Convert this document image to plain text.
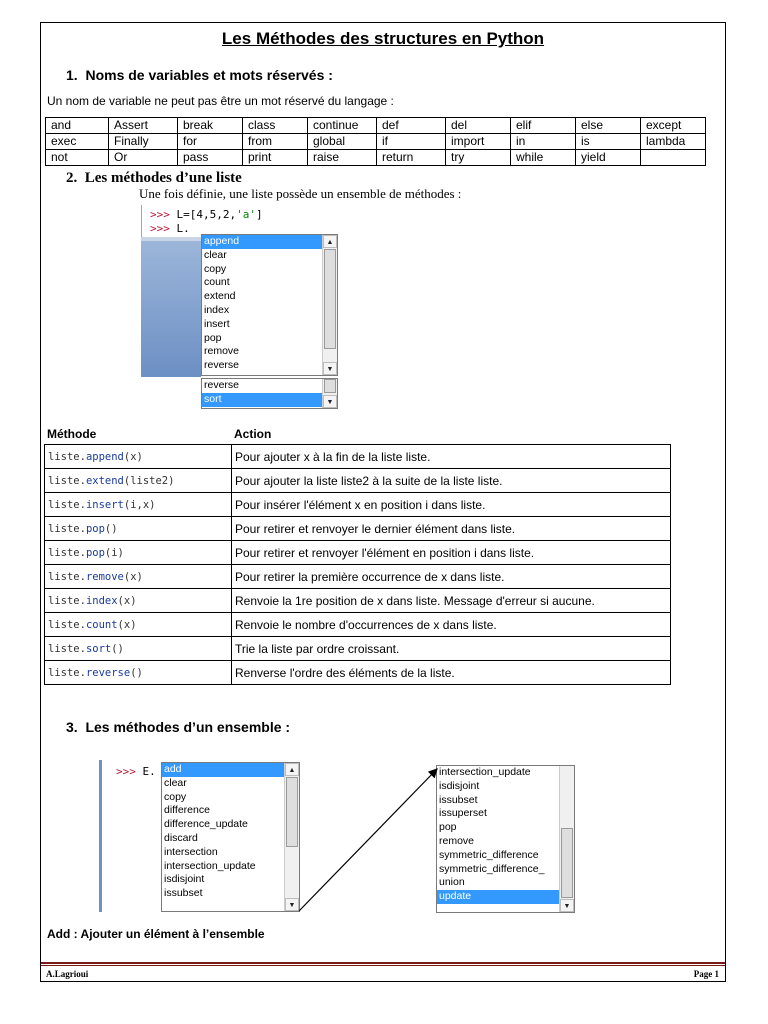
Les Méthodes des structures en Python
1. Noms de variables et mots réservés :
Un nom de variable ne peut pas être un mot réservé du langage :
and	Assert	break	class	continue	def	del	elif	else	except
exec	Finally	for	from	global	if	import	in	is	lambda
not	Or	pass	print	raise	return	try	while	yield	
2. Les méthodes d’une liste
Une fois définie, une liste possède un ensemble de méthodes :
>>> L=[4,5,2,'a']
>>> L.
append
clear
copy
count
extend
index
insert
pop
remove
reverse
▲
▼
reverse
sort	▼
Méthode	Action
liste.append(x)	Pour ajouter x à la fin de la liste liste.
liste.extend(liste2)	Pour ajouter la liste liste2 à la suite de la liste liste.
liste.insert(i,x)	Pour insérer l'élément x en position i dans liste.
liste.pop()	Pour retirer et renvoyer le dernier élément dans liste.
liste.pop(i)	Pour retirer et renvoyer l'élément en position i dans liste.
liste.remove(x)	Pour retirer la première occurrence de x dans liste.
liste.index(x)	Renvoie la 1re position de x dans liste. Message d'erreur si aucune.
liste.count(x)	Renvoie le nombre d'occurrences de x dans liste.
liste.sort()	Trie la liste par ordre croissant.
liste.reverse()	Renverse l'ordre des éléments de la liste.
3. Les méthodes d’un ensemble :
>>> E. add
clear
copy
difference
difference_update
discard
intersection
intersection_update
isdisjoint
issubset
▲
▼
intersection_update
isdisjoint
issubset
issuperset
pop
remove
symmetric_difference
symmetric_difference_
union
update
▼
Add : Ajouter un élément à l’ensemble
A.Lagrioui	Page 1
